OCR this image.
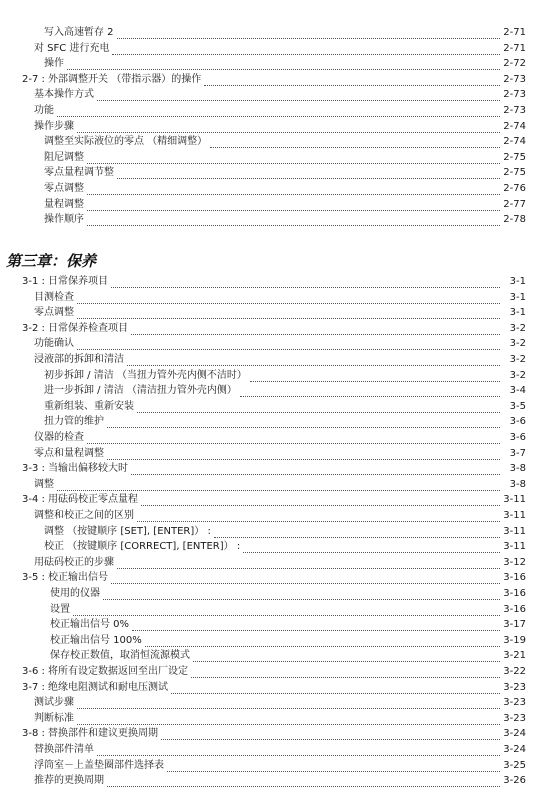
写入高速暂存 2	2-71
对 SFC 进行充电	2-71
操作	2-72
2-7 : 外部调整开关 （带指示器）的操作	2-73
基本操作方式	2-73
功能	2-73
操作步骤	2-74
调整至实际液位的零点 （精细调整）	2-74
阻尼调整	2-75
零点量程调节整	2-75
零点调整	2-76
量程调整	2-77
操作顺序	2-78
第三章：保养
3-1 : 日常保养项目	3-1
目测检查	3-1
零点调整	3-1
3-2 : 日常保养检查项目	3-2
功能确认	3-2
浸液部的拆卸和清洁	3-2
初步拆卸 / 清洁 （当扭力管外壳内侧不洁时）	3-2
进一步拆卸 / 清洁 （清洁扭力管外壳内侧）	3-4
重新组装、重新安装	3-5
扭力管的维护	3-6
仪器的检查	3-6
零点和量程调整	3-7
3-3 : 当输出偏移较大时	3-8
调整	3-8
3-4 : 用砝码校正零点量程	3-11
调整和校正之间的区别	3-11
调整 （按键顺序 [SET], [ENTER]） :	3-11
校正 （按键顺序 [CORRECT], [ENTER]） :	3-11
用砝码校正的步骤	3-12
3-5 : 校正输出信号	3-16
使用的仪器	3-16
设置	3-16
校正输出信号 0%	3-17
校正输出信号 100%	3-19
保存校正数值，取消恒流源模式	3-21
3-6 : 将所有设定数据返回至出厂设定	3-22
3-7 : 绝缘电阻测试和耐电压测试	3-23
测试步骤	3-23
判断标准	3-23
3-8 : 替换部件和建议更换周期	3-24
替换部件清单	3-24
浮筒室－上盖垫圈部件选择表	3-25
推荐的更换周期	3-26
